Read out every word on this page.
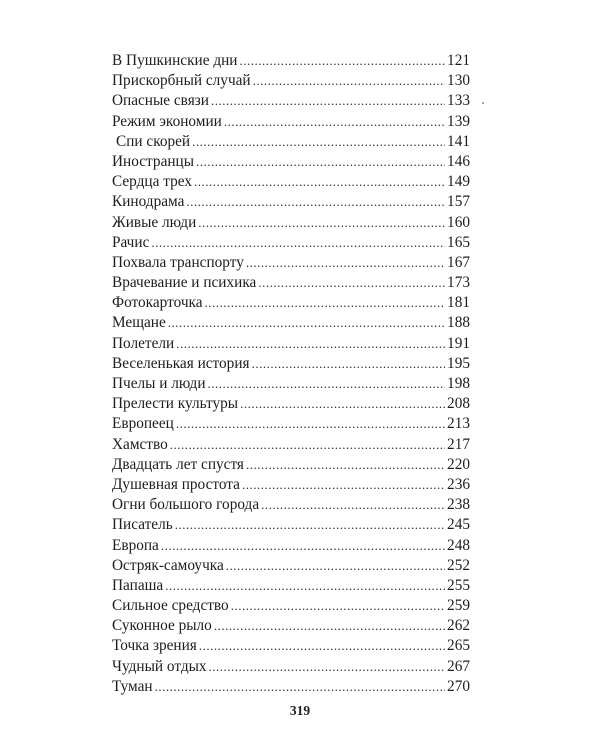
В Пушкинские дни .....	121
Прискорбный случай .....	130
Опасные связи .....	133
Режим экономии .....	139
Спи скорей .....	141
Иностранцы .....	146
Сердца трех .....	149
Кинодрама .....	157
Живые люди .....	160
Рачис .....	165
Похвала транспорту .....	167
Врачевание и психика .....	173
Фотокарточка .....	181
Мещане .....	188
Полетели .....	191
Веселенькая история .....	195
Пчелы и люди .....	198
Прелести культуры .....	208
Европеец .....	213
Хамство .....	217
Двадцать лет спустя .....	220
Душевная простота .....	236
Огни большого города .....	238
Писатель .....	245
Европа .....	248
Остряк-самоучка .....	252
Папаша .....	255
Сильное средство .....	259
Суконное рыло .....	262
Точка зрения .....	265
Чудный отдых .....	267
Туман .....	270
319
